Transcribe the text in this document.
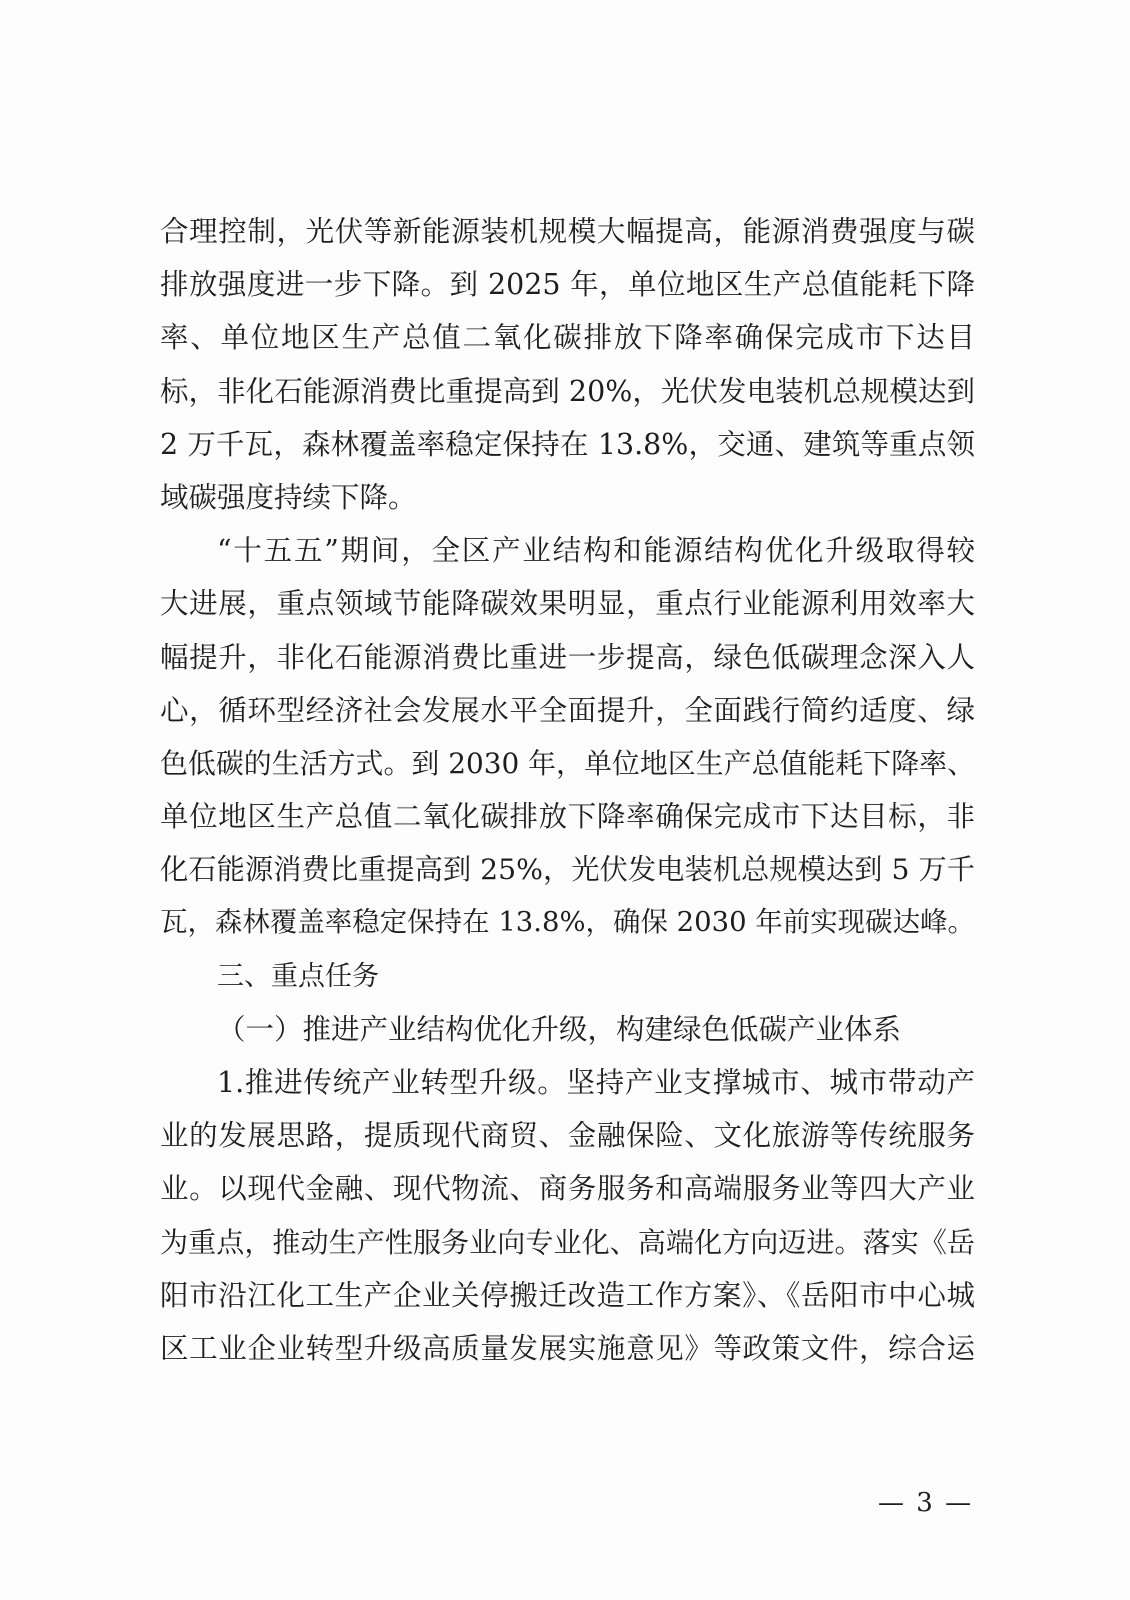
合理控制，光伏等新能源装机规模大幅提高，能源消费强度与碳
排放强度进一步下降。到 2025 年，单位地区生产总值能耗下降
率、单位地区生产总值二氧化碳排放下降率确保完成市下达目
标，非化石能源消费比重提高到 20%，光伏发电装机总规模达到
2 万千瓦，森林覆盖率稳定保持在 13.8%，交通、建筑等重点领
域碳强度持续下降。
“十五五”期间，全区产业结构和能源结构优化升级取得较
大进展，重点领域节能降碳效果明显，重点行业能源利用效率大
幅提升，非化石能源消费比重进一步提高，绿色低碳理念深入人
心，循环型经济社会发展水平全面提升，全面践行简约适度、绿
色低碳的生活方式。到 2030 年，单位地区生产总值能耗下降率、
单位地区生产总值二氧化碳排放下降率确保完成市下达目标，非
化石能源消费比重提高到 25%，光伏发电装机总规模达到 5 万千
瓦，森林覆盖率稳定保持在 13.8%，确保 2030 年前实现碳达峰。
三、重点任务
（一）推进产业结构优化升级，构建绿色低碳产业体系
1.推进传统产业转型升级。坚持产业支撑城市、城市带动产
业的发展思路，提质现代商贸、金融保险、文化旅游等传统服务
业。以现代金融、现代物流、商务服务和高端服务业等四大产业
为重点，推动生产性服务业向专业化、高端化方向迈进。落实《岳
阳市沿江化工生产企业关停搬迁改造工作方案》、《岳阳市中心城
区工业企业转型升级高质量发展实施意见》等政策文件，综合运
— 3 —
